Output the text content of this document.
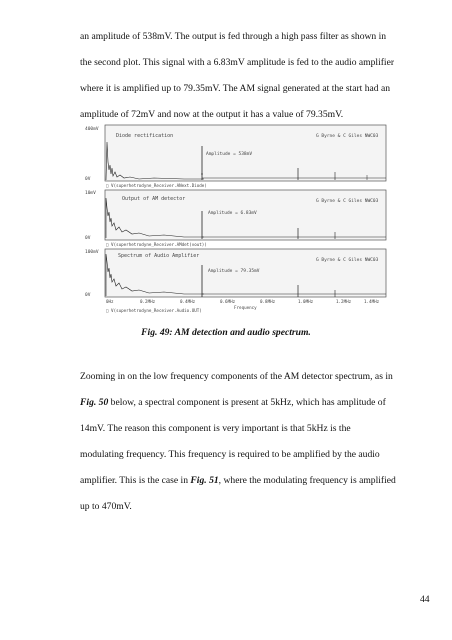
an amplitude of 538mV. The output is fed through a high pass filter as shown in
the second plot. This signal with a 6.83mV amplitude is fed to the audio amplifier
where it is amplified up to 79.35mV. The AM signal generated at the start had an
amplitude of 72mV and now at the output it has a value of 79.35mV.
400mV
0V
Diode rectification	G Byrne & C Giles NWC03
Amplitude = 538mV
□ V(superhetrodyne_Receiver.ANext.Diode)
10mV
0V
Output of AM detector	G Byrne & C Giles NWC03
Amplitude = 6.83mV
□ V(superhetrodyne_Receiver.AMdet(vout))
100mV
0V
Spectrum of Audio Amplifier
G Byrne & C Giles NWC03
Amplitude = 79.35mV
□ V(superhetrodyne_Receiver.Audio.OUT)
0Hz	0.2MHz	0.4MHz	0.6MHz	0.8MHz	1.0MHz	1.2MHz	1.4MHz
Frequency
Fig. 49: AM detection and audio spectrum.
Zooming in on the low frequency components of the AM detector spectrum, as in
Fig. 50 below, a spectral component is present at 5kHz, which has amplitude of
14mV. The reason this component is very important is that 5kHz is the
modulating frequency. This frequency is required to be amplified by the audio
amplifier. This is the case in Fig. 51, where the modulating frequency is amplified
up to 470mV.
44
